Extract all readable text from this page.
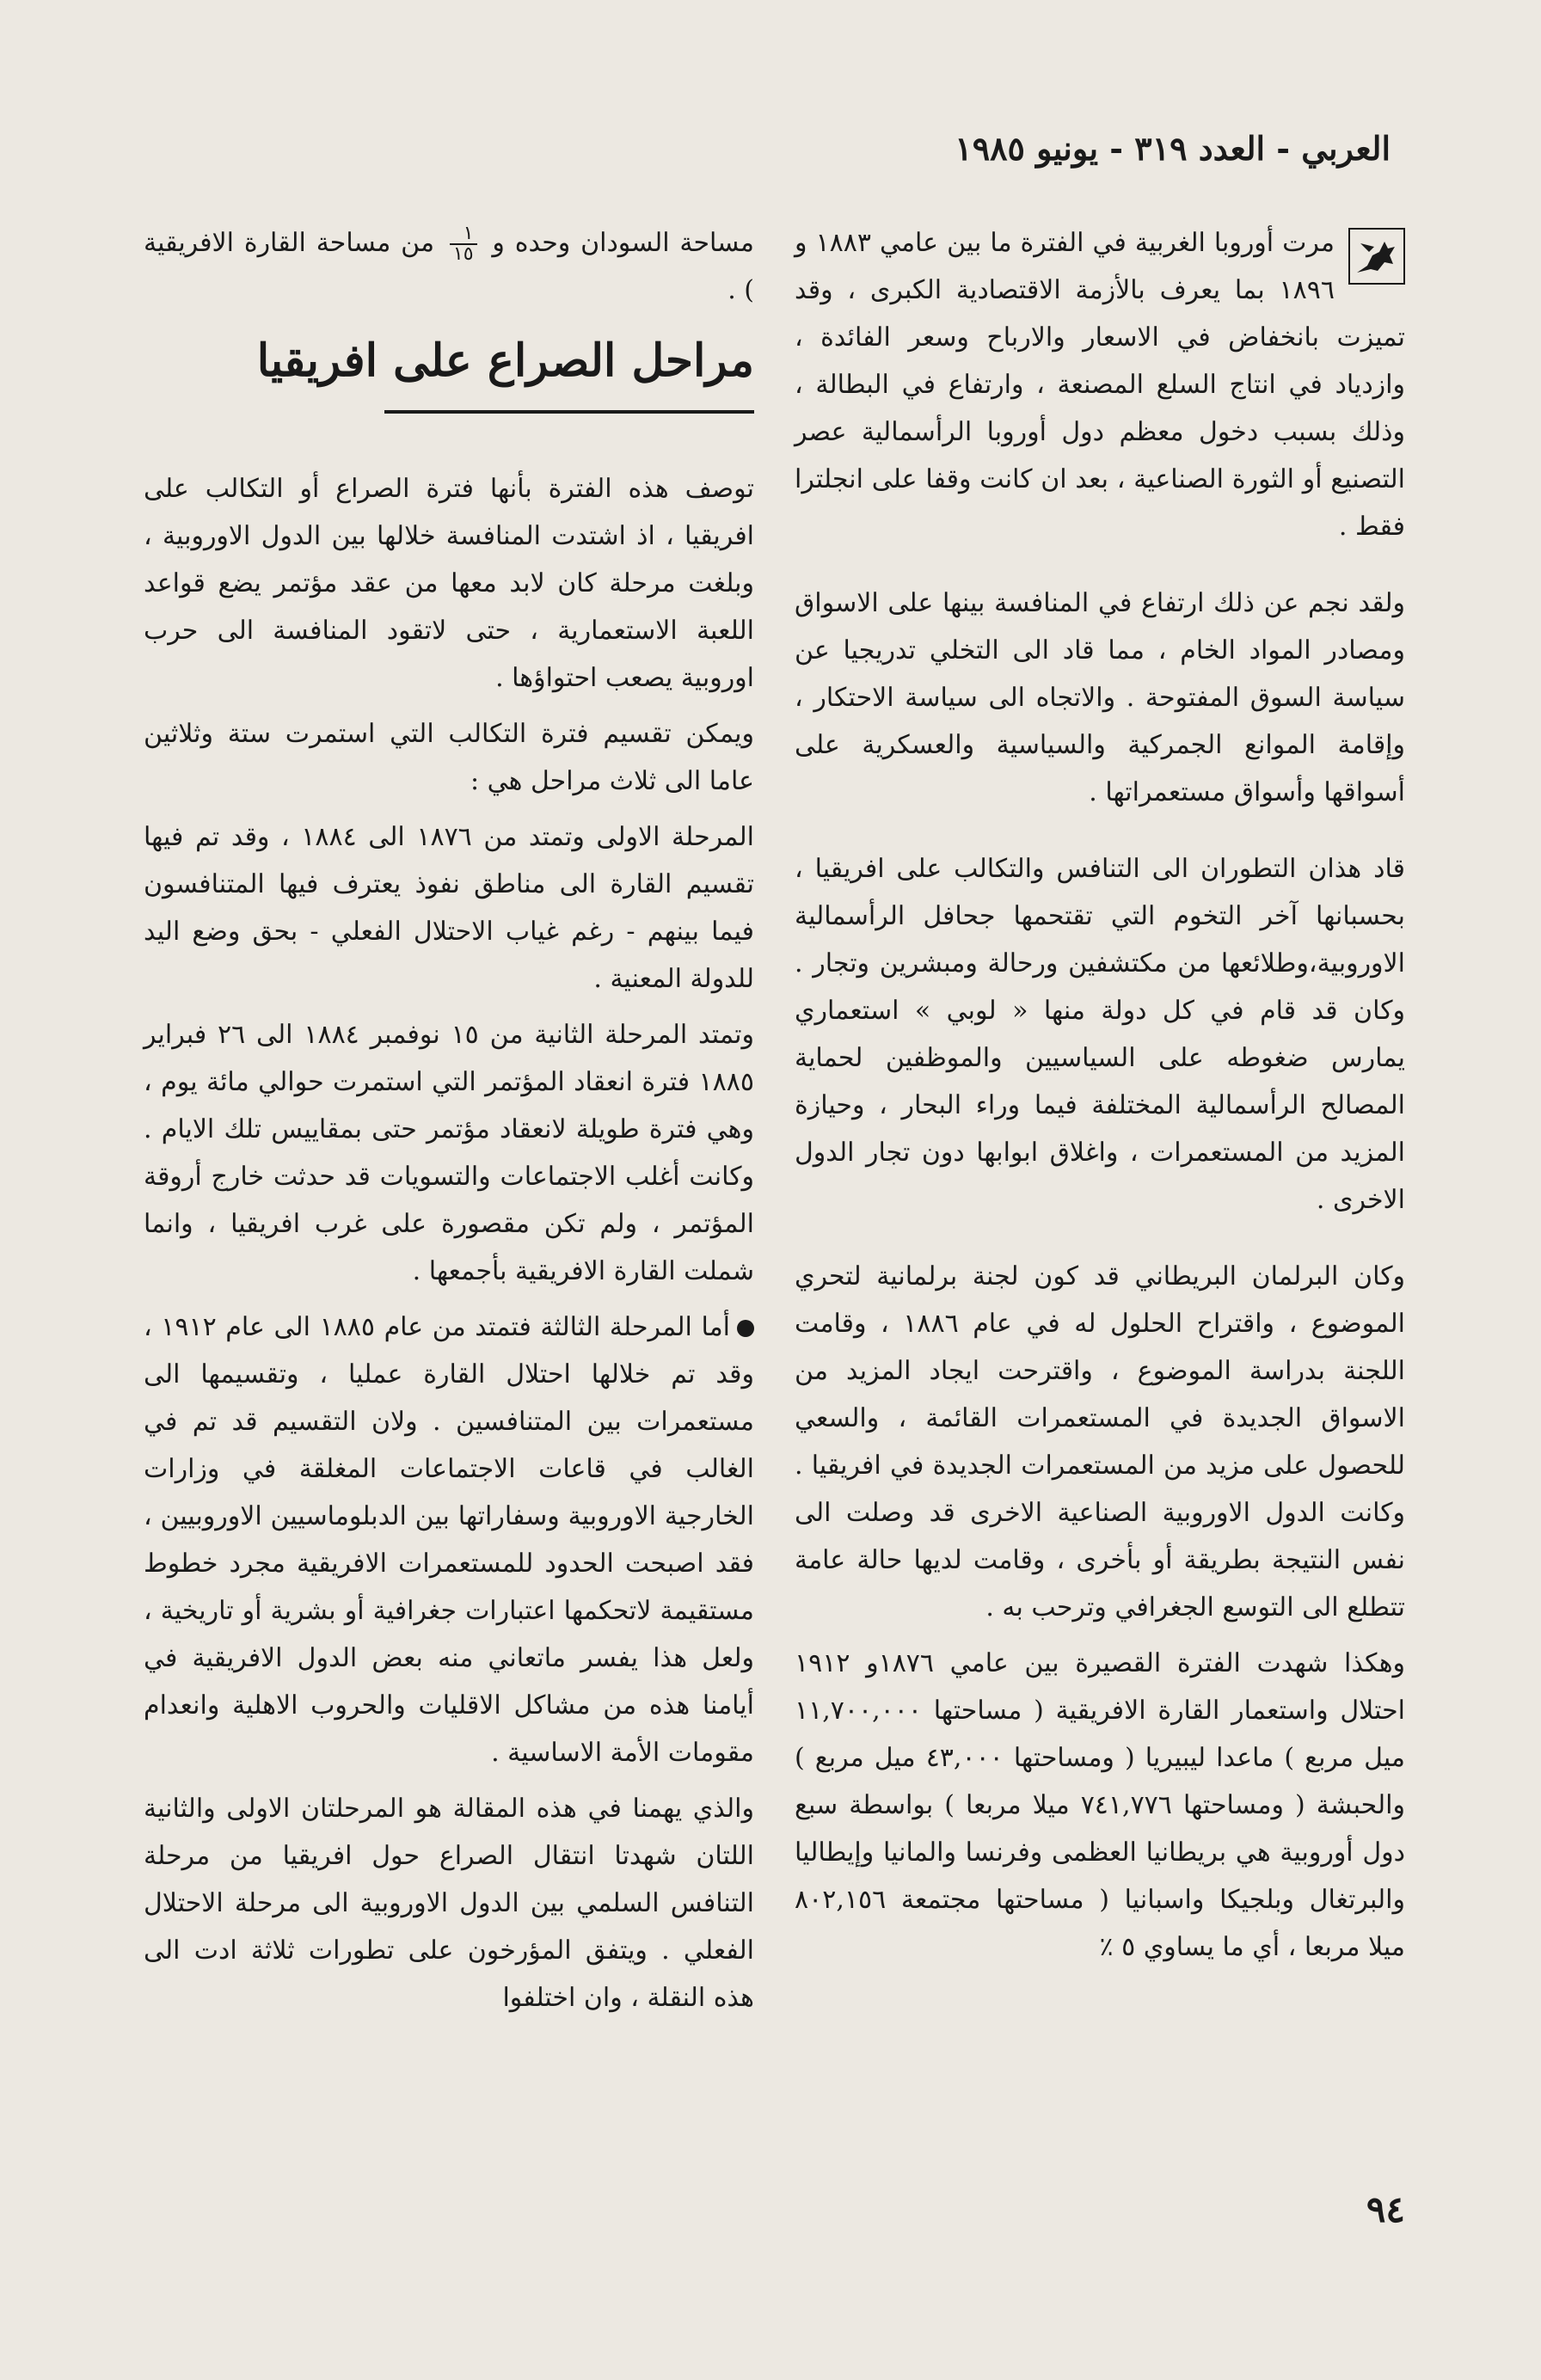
العربي - العدد ٣١٩ - يونيو ١٩٨٥

مرت أوروبا الغربية في الفترة ما بين عامي ١٨٨٣ و ١٨٩٦ بما يعرف بالأزمة الاقتصادية الكبرى ، وقد تميزت بانخفاض في الاسعار والارباح وسعر الفائدة ، وازدياد في انتاج السلع المصنعة ، وارتفاع في البطالة ، وذلك بسبب دخول معظم دول أوروبا الرأسمالية عصر التصنيع أو الثورة الصناعية ، بعد ان كانت وقفا على انجلترا فقط .

ولقد نجم عن ذلك ارتفاع في المنافسة بينها على الاسواق ومصادر المواد الخام ، مما قاد الى التخلي تدريجيا عن سياسة السوق المفتوحة . والاتجاه الى سياسة الاحتكار ، وإقامة الموانع الجمركية والسياسية والعسكرية على أسواقها وأسواق مستعمراتها .

قاد هذان التطوران الى التنافس والتكالب على افريقيا ، بحسبانها آخر التخوم التي تقتحمها جحافل الرأسمالية الاوروبية،وطلائعها من مكتشفين ورحالة ومبشرين وتجار . وكان قد قام في كل دولة منها « لوبي » استعماري يمارس ضغوطه على السياسيين والموظفين لحماية المصالح الرأسمالية المختلفة فيما وراء البحار ، وحيازة المزيد من المستعمرات ، واغلاق ابوابها دون تجار الدول الاخرى .

وكان البرلمان البريطاني قد كون لجنة برلمانية لتحري الموضوع ، واقتراح الحلول له في عام ١٨٨٦ ، وقامت اللجنة بدراسة الموضوع ، واقترحت ايجاد المزيد من الاسواق الجديدة في المستعمرات القائمة ، والسعي للحصول على مزيد من المستعمرات الجديدة في افريقيا . وكانت الدول الاوروبية الصناعية الاخرى قد وصلت الى نفس النتيجة بطريقة أو بأخرى ، وقامت لديها حالة عامة تتطلع الى التوسع الجغرافي وترحب به .

وهكذا شهدت الفترة القصيرة بين عامي ١٨٧٦و ١٩١٢ احتلال واستعمار القارة الافريقية ( مساحتها ١١,٧٠٠,٠٠٠ ميل مربع ) ماعدا ليبيريا ( ومساحتها ٤٣,٠٠٠ ميل مربع ) والحبشة ( ومساحتها ٧٤١,٧٧٦ ميلا مربعا ) بواسطة سبع دول أوروبية هي بريطانيا العظمى وفرنسا والمانيا وإيطاليا والبرتغال وبلجيكا واسبانيا ( مساحتها مجتمعة ٨٠٢,١٥٦ ميلا مربعا ، أي ما يساوي ٥ ٪

مساحة السودان وحده و
$\frac{١}{١٥}$
من مساحة القارة الافريقية ) .

مراحل الصراع على افريقيا

توصف هذه الفترة بأنها فترة الصراع أو التكالب على افريقيا ، اذ اشتدت المنافسة خلالها بين الدول الاوروبية ، وبلغت مرحلة كان لابد معها من عقد مؤتمر يضع قواعد اللعبة الاستعمارية ، حتى لاتقود المنافسة الى حرب اوروبية يصعب احتواؤها .

ويمكن تقسيم فترة التكالب التي استمرت ستة وثلاثين عاما الى ثلاث مراحل هي :

المرحلة الاولى وتمتد من ١٨٧٦ الى ١٨٨٤ ، وقد تم فيها تقسيم القارة الى مناطق نفوذ يعترف فيها المتنافسون فيما بينهم - رغم غياب الاحتلال الفعلي - بحق وضع اليد للدولة المعنية .

وتمتد المرحلة الثانية من ١٥ نوفمبر ١٨٨٤ الى ٢٦ فبراير ١٨٨٥ فترة انعقاد المؤتمر التي استمرت حوالي مائة يوم ، وهي فترة طويلة لانعقاد مؤتمر حتى بمقاييس تلك الايام . وكانت أغلب الاجتماعات والتسويات قد حدثت خارج أروقة المؤتمر ، ولم تكن مقصورة على غرب افريقيا ، وانما شملت القارة الافريقية بأجمعها .

أما المرحلة الثالثة فتمتد من عام ١٨٨٥ الى عام ١٩١٢ ، وقد تم خلالها احتلال القارة عمليا ، وتقسيمها الى مستعمرات بين المتنافسين . ولان التقسيم قد تم في الغالب في قاعات الاجتماعات المغلقة في وزارات الخارجية الاوروبية وسفاراتها بين الدبلوماسيين الاوروبيين ، فقد اصبحت الحدود للمستعمرات الافريقية مجرد خطوط مستقيمة لاتحكمها اعتبارات جغرافية أو بشرية أو تاريخية ، ولعل هذا يفسر ماتعاني منه بعض الدول الافريقية في أيامنا هذه من مشاكل الاقليات والحروب الاهلية وانعدام مقومات الأمة الاساسية .

والذي يهمنا في هذه المقالة هو المرحلتان الاولى والثانية اللتان شهدتا انتقال الصراع حول افريقيا من مرحلة التنافس السلمي بين الدول الاوروبية الى مرحلة الاحتلال الفعلي . ويتفق المؤرخون على تطورات ثلاثة ادت الى هذه النقلة ، وان اختلفوا

٩٤
